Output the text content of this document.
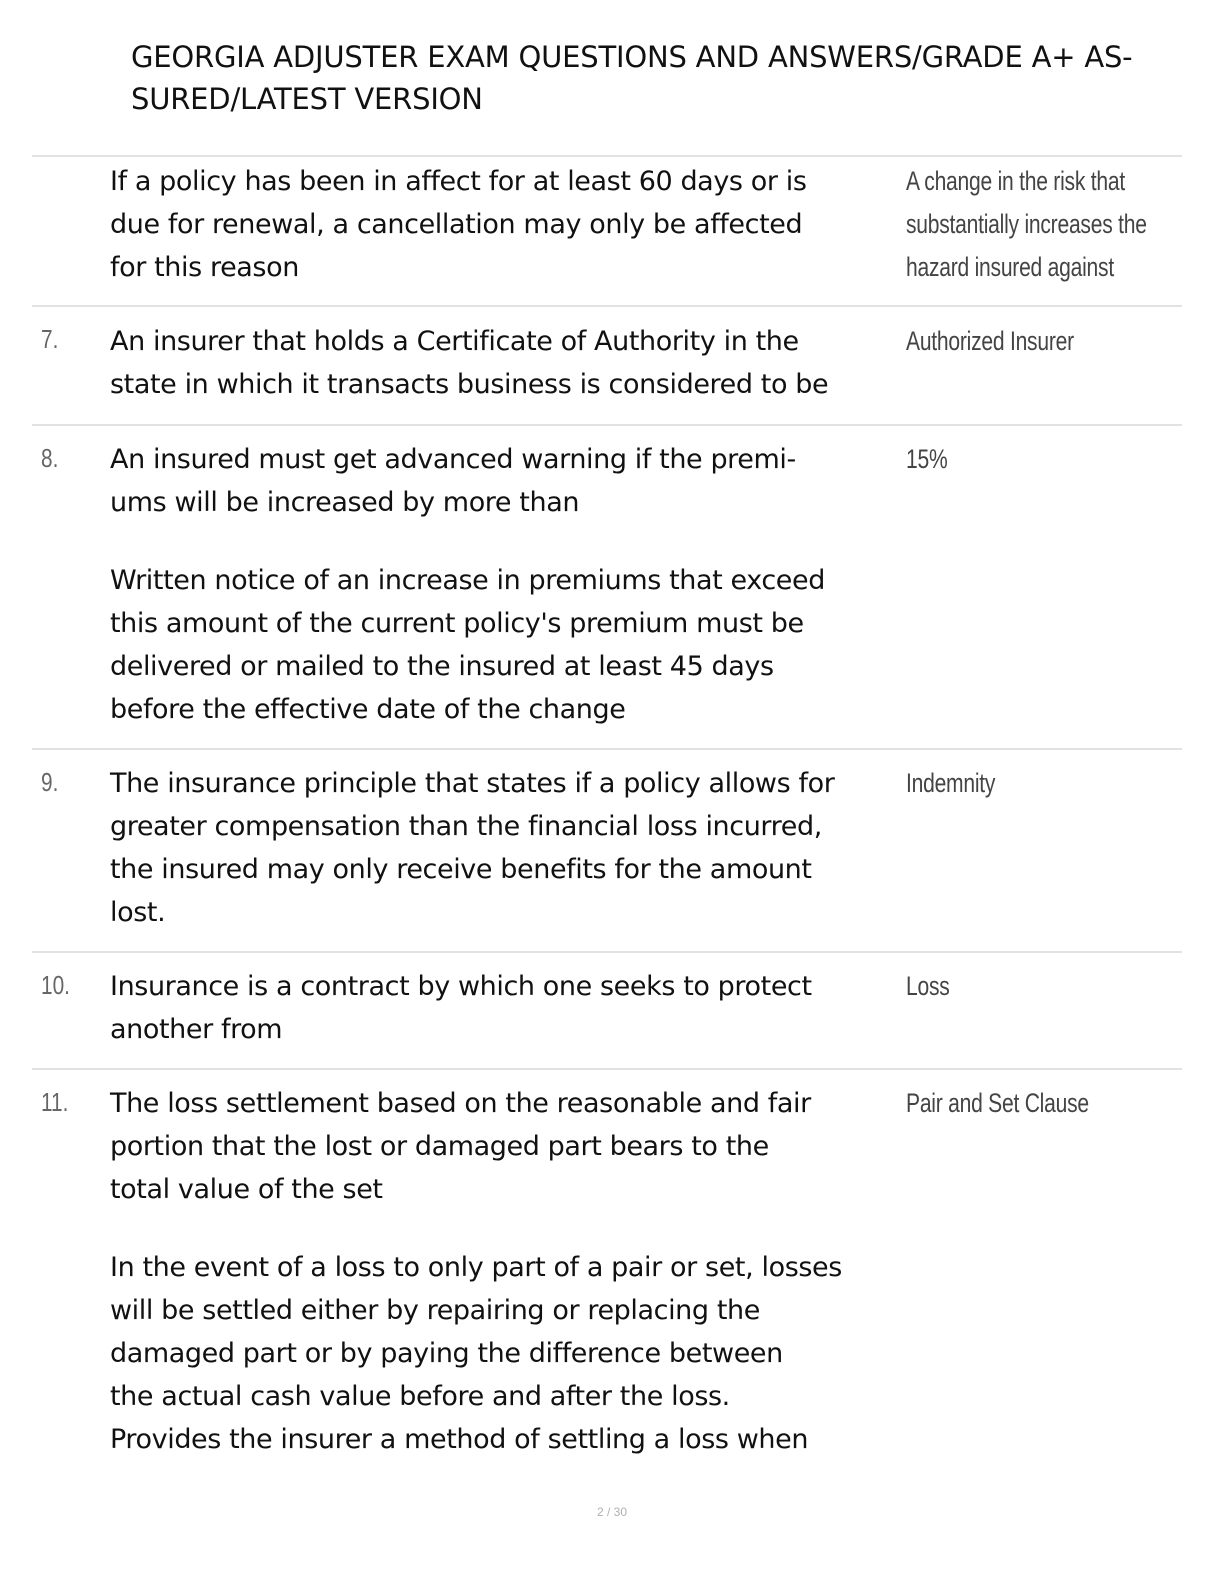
GEORGIA ADJUSTER EXAM QUESTIONS AND ANSWERS/GRADE A+ AS-
SURED/LATEST VERSION
If a policy has been in affect for at least 60 days or is
due for renewal, a cancellation may only be affected
for this reason
A change in the risk that
substantially increases the
hazard insured against
7. An insurer that holds a Certificate of Authority in the
state in which it transacts business is considered to be
Authorized Insurer
8. An insured must get advanced warning if the premi-
ums will be increased by more than

Written notice of an increase in premiums that exceed
this amount of the current policy's premium must be
delivered or mailed to the insured at least 45 days
before the effective date of the change

15%
9. The insurance principle that states if a policy allows for
greater compensation than the financial loss incurred,
the insured may only receive benefits for the amount
lost.
Indemnity
10. Insurance is a contract by which one seeks to protect
another from
Loss
11. The loss settlement based on the reasonable and fair
portion that the lost or damaged part bears to the
total value of the set

In the event of a loss to only part of a pair or set, losses
will be settled either by repairing or replacing the
damaged part or by paying the difference between
the actual cash value before and after the loss.
Provides the insurer a method of settling a loss when

Pair and Set Clause
2 / 30
